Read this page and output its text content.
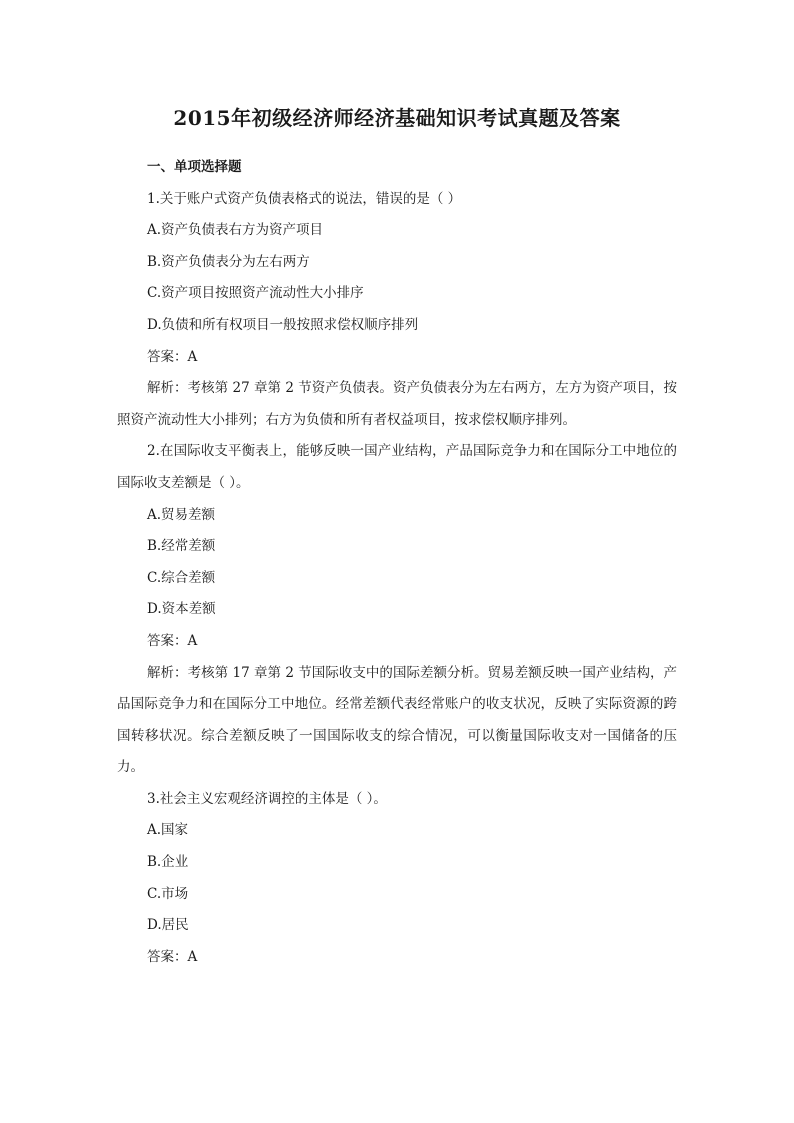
2015年初级经济师经济基础知识考试真题及答案

一、单项选择题

1.关于账户式资产负债表格式的说法，错误的是（ ）

A.资产负债表右方为资产项目

B.资产负债表分为左右两方

C.资产项目按照资产流动性大小排序

D.负债和所有权项目一般按照求偿权顺序排列

答案：A

解析：考核第 27 章第 2 节资产负债表。资产负债表分为左右两方，左方为资产项目，按照资产流动性大小排列；右方为负债和所有者权益项目，按求偿权顺序排列。

2.在国际收支平衡表上，能够反映一国产业结构，产品国际竞争力和在国际分工中地位的国际收支差额是（ ）。

A.贸易差额

B.经常差额

C.综合差额

D.资本差额

答案：A

解析：考核第 17 章第 2 节国际收支中的国际差额分析。贸易差额反映一国产业结构，产品国际竞争力和在国际分工中地位。经常差额代表经常账户的收支状况，反映了实际资源的跨国转移状况。综合差额反映了一国国际收支的综合情况，可以衡量国际收支对一国储备的压力。

3.社会主义宏观经济调控的主体是（ ）。

A.国家

B.企业

C.市场

D.居民

答案：A
